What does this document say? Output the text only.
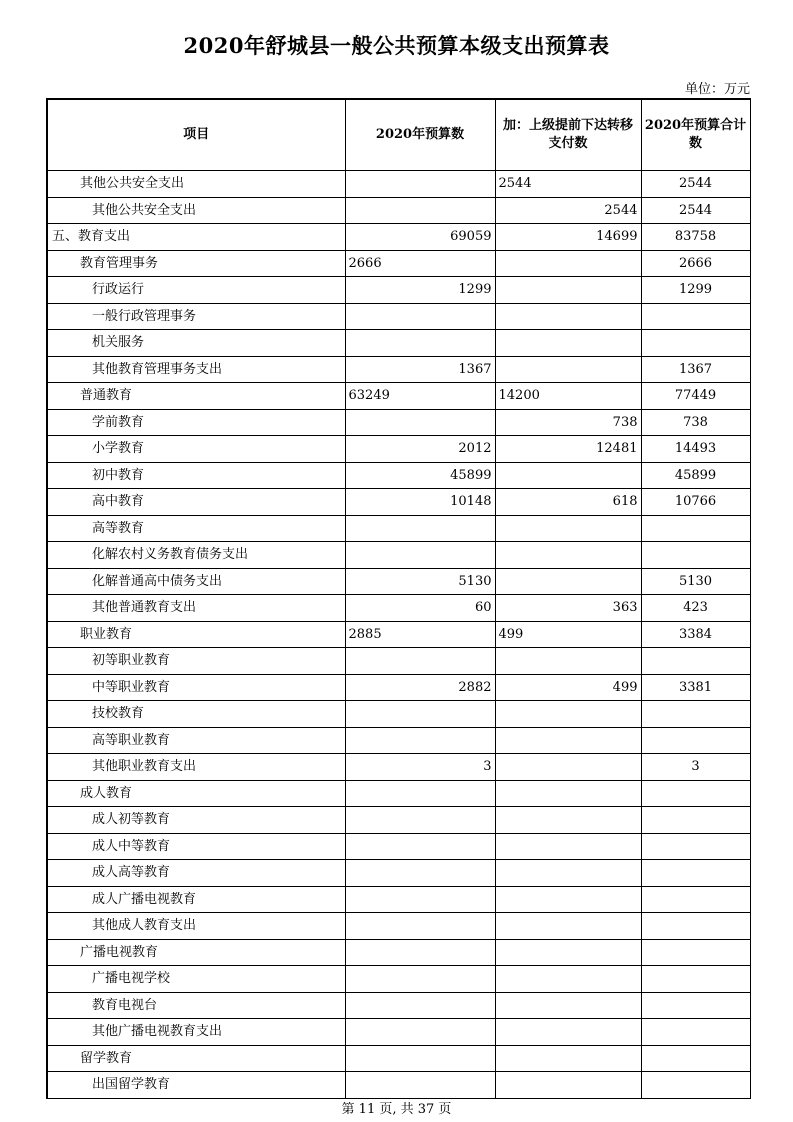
2020年舒城县一般公共预算本级支出预算表
单位：万元
项目	2020年预算数	加：上级提前下达转移支付数	2020年预算合计数
其他公共安全支出		2544	2544
其他公共安全支出		2544	2544
五、教育支出	69059	14699	83758
教育管理事务	2666		2666
行政运行	1299		1299
一般行政管理事务			
机关服务			
其他教育管理事务支出	1367		1367
普通教育	63249	14200	77449
学前教育		738	738
小学教育	2012	12481	14493
初中教育	45899		45899
高中教育	10148	618	10766
高等教育			
化解农村义务教育债务支出			
化解普通高中债务支出	5130		5130
其他普通教育支出	60	363	423
职业教育	2885	499	3384
初等职业教育			
中等职业教育	2882	499	3381
技校教育			
高等职业教育			
其他职业教育支出	3		3
成人教育			
成人初等教育			
成人中等教育			
成人高等教育			
成人广播电视教育			
其他成人教育支出			
广播电视教育			
广播电视学校			
教育电视台			
其他广播电视教育支出			
留学教育			
出国留学教育			
第 11 页, 共 37 页
